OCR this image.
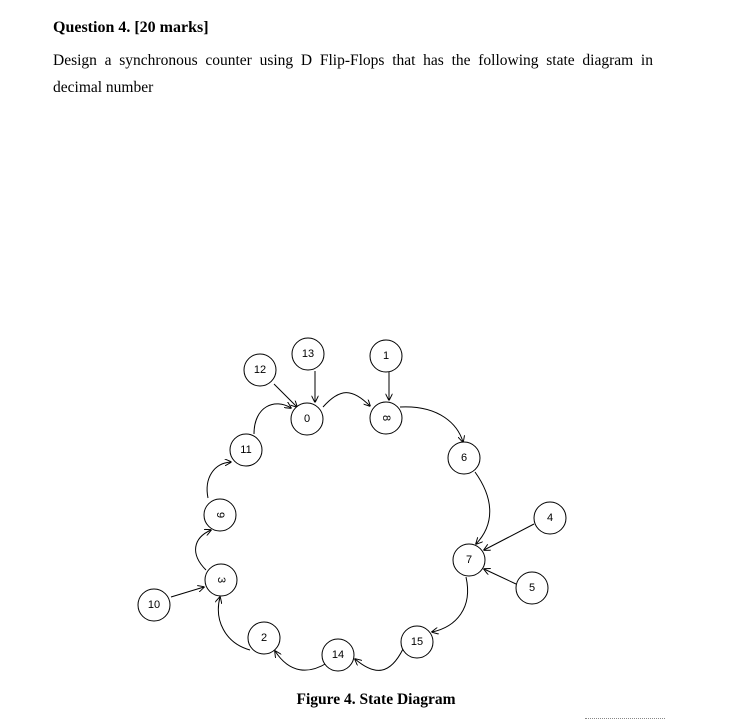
Question 4. [20 marks]

Design a synchronous counter using D Flip-Flops that has the following state diagram in
decimal number

0
1
2
3
4
5
6
7
8
9
10
11
12
13
14
15

Figure 4. State Diagram
